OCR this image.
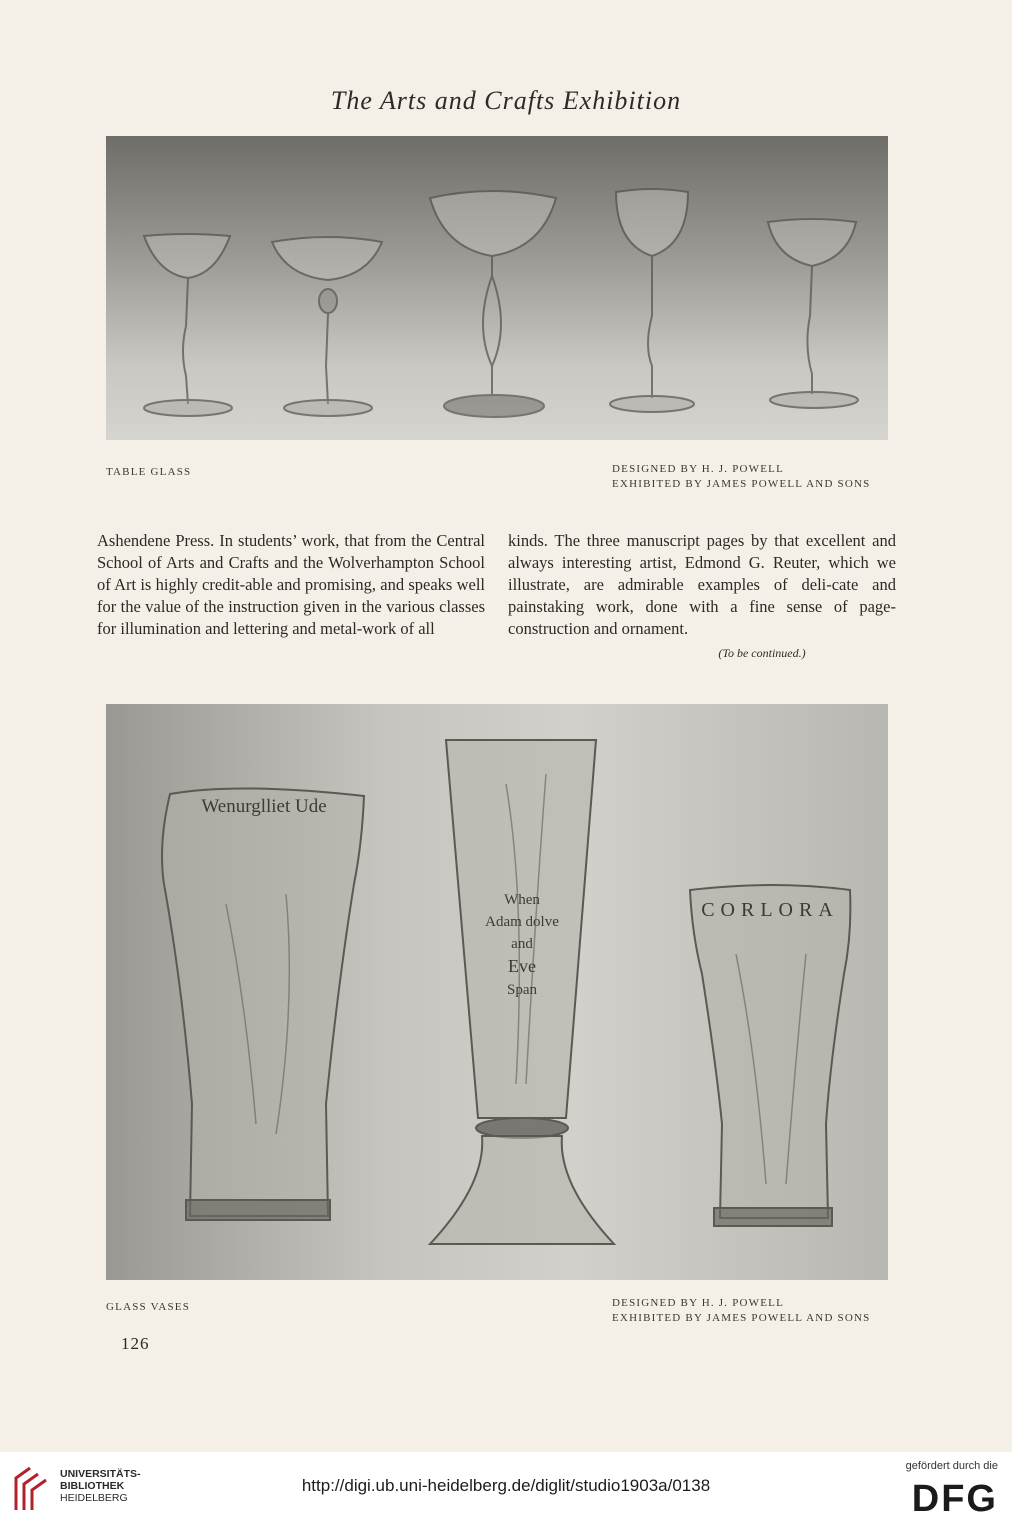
The Arts and Crafts Exhibition
TABLE GLASS	DESIGNED BY H. J. POWELL
EXHIBITED BY JAMES POWELL AND SONS
Ashendene Press. In students’ work, that from the Central School of Arts and Crafts and the Wolverhampton School of Art is highly credit-able and promising, and speaks well for the value of the instruction given in the various classes for illumination and lettering and metal-work of all
kinds. The three manuscript pages by that excellent and always interesting artist, Edmond G. Reuter, which we illustrate, are admirable examples of deli-cate and painstaking work, done with a fine sense of page-construction and ornament.
(To be continued.)
Wenurglliet Ude
CORLORA
When
Adam dolve
and
Eve
Span
GLASS VASES	DESIGNED BY H. J. POWELL
EXHIBITED BY JAMES POWELL AND SONS
126
UNIVERSITÄTS-
BIBLIOTHEK
HEIDELBERG
http://digi.ub.uni-heidelberg.de/diglit/studio1903a/0138
gefördert durch die
DFG
